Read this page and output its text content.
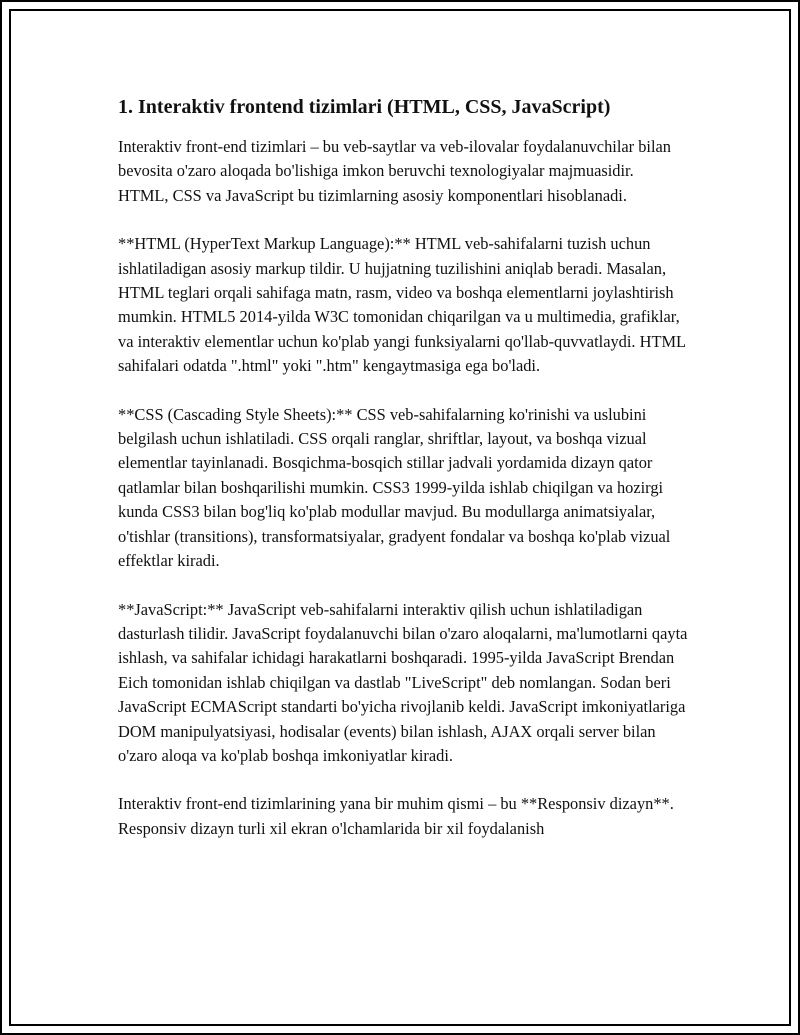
1. Interaktiv frontend tizimlari (HTML, CSS, JavaScript)

Interaktiv front-end tizimlari – bu veb-saytlar va veb-ilovalar foydalanuvchilar bilan bevosita o'zaro aloqada bo'lishiga imkon beruvchi texnologiyalar majmuasidir. HTML, CSS va JavaScript bu tizimlarning asosiy komponentlari hisoblanadi.

**HTML (HyperText Markup Language):** HTML veb-sahifalarni tuzish uchun ishlatiladigan asosiy markup tildir. U hujjatning tuzilishini aniqlab beradi. Masalan, HTML teglari orqali sahifaga matn, rasm, video va boshqa elementlarni joylashtirish mumkin. HTML5 2014-yilda W3C tomonidan chiqarilgan va u multimedia, grafiklar, va interaktiv elementlar uchun ko'plab yangi funksiyalarni qo'llab-quvvatlaydi. HTML sahifalari odatda ".html" yoki ".htm" kengaytmasiga ega bo'ladi.

**CSS (Cascading Style Sheets):** CSS veb-sahifalarning ko'rinishi va uslubini belgilash uchun ishlatiladi. CSS orqali ranglar, shriftlar, layout, va boshqa vizual elementlar tayinlanadi. Bosqichma-bosqich stillar jadvali yordamida dizayn qator qatlamlar bilan boshqarilishi mumkin. CSS3 1999-yilda ishlab chiqilgan va hozirgi kunda CSS3 bilan bog'liq ko'plab modullar mavjud. Bu modullarga animatsiyalar, o'tishlar (transitions), transformatsiyalar, gradyent fondalar va boshqa ko'plab vizual effektlar kiradi.

**JavaScript:** JavaScript veb-sahifalarni interaktiv qilish uchun ishlatiladigan dasturlash tilidir. JavaScript foydalanuvchi bilan o'zaro aloqalarni, ma'lumotlarni qayta ishlash, va sahifalar ichidagi harakatlarni boshqaradi. 1995-yilda JavaScript Brendan Eich tomonidan ishlab chiqilgan va dastlab "LiveScript" deb nomlangan. Sodan beri JavaScript ECMAScript standarti bo'yicha rivojlanib keldi. JavaScript imkoniyatlariga DOM manipulyatsiyasi, hodisalar (events) bilan ishlash, AJAX orqali server bilan o'zaro aloqa va ko'plab boshqa imkoniyatlar kiradi.

Interaktiv front-end tizimlarining yana bir muhim qismi – bu **Responsiv dizayn**. Responsiv dizayn turli xil ekran o'lchamlarida bir xil foydalanish
